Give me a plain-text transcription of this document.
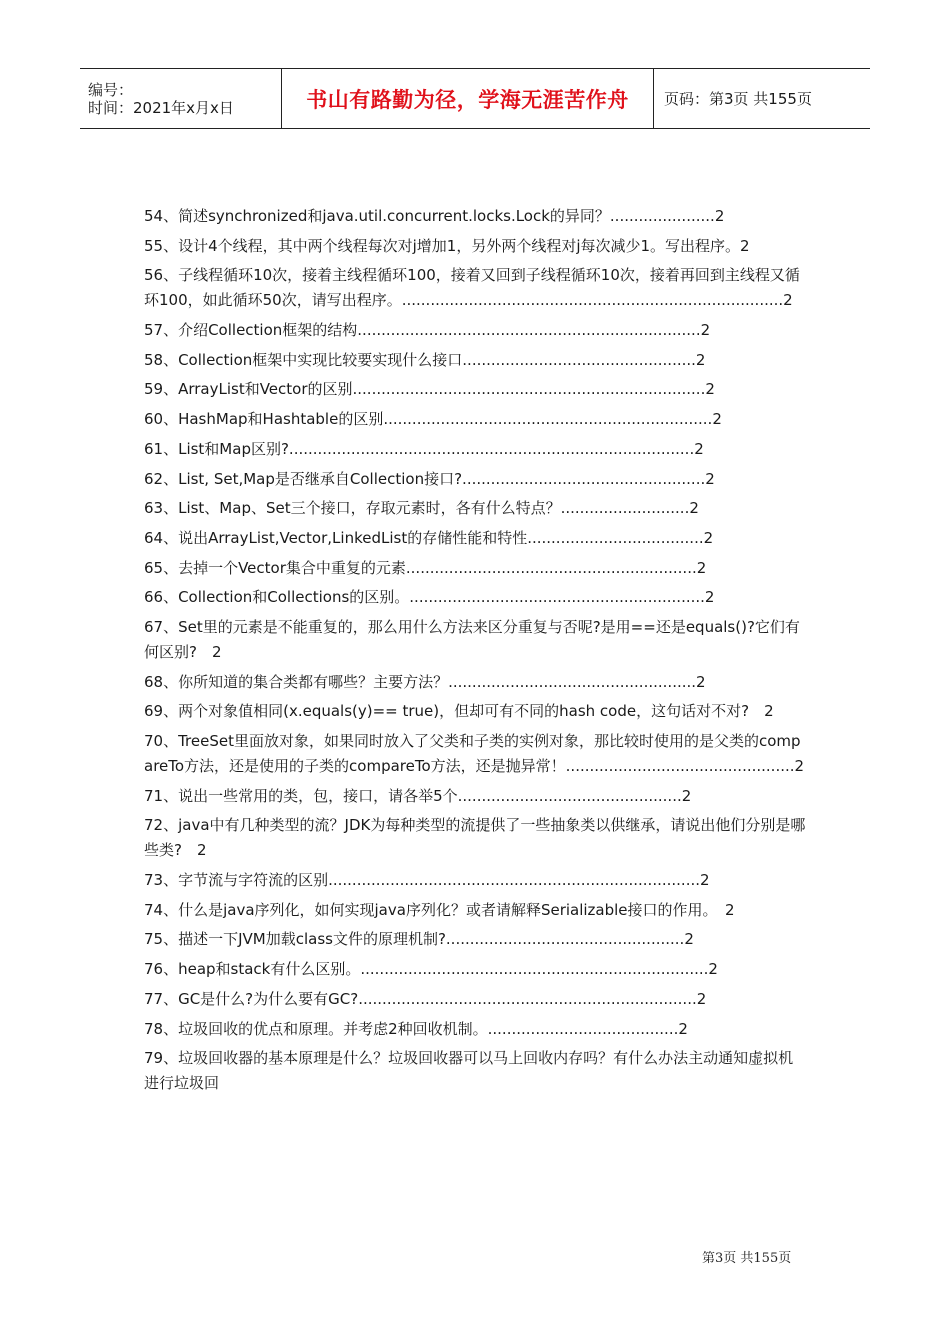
编号：
时间：2021年x月x日	书山有路勤为径，学海无涯苦作舟 页码：第3页 共155页
54、简述synchronized和java.util.concurrent.locks.Lock的异同？......................2
55、设计4个线程，其中两个线程每次对j增加1，另外两个线程对j每次减少1。写出程序。2
56、子线程循环10次，接着主线程循环100，接着又回到子线程循环10次，接着再回到主线程又循环100，如此循环50次，请写出程序。................................................................................2
57、介绍Collection框架的结构........................................................................2
58、Collection框架中实现比较要实现什么接口.................................................2
59、ArrayList和Vector的区别..........................................................................2
60、HashMap和Hashtable的区别.....................................................................2
61、List和Map区别?.....................................................................................2
62、List, Set,Map是否继承自Collection接口?...................................................2
63、List、Map、Set三个接口，存取元素时，各有什么特点？...........................2
64、说出ArrayList,Vector,LinkedList的存储性能和特性.....................................2
65、去掉一个Vector集合中重复的元素.............................................................2
66、Collection和Collections的区别。..............................................................2
67、Set里的元素是不能重复的，那么用什么方法来区分重复与否呢?是用==还是equals()?它们有何区别?　2
68、你所知道的集合类都有哪些？主要方法？....................................................2
69、两个对象值相同(x.equals(y)== true)，但却可有不同的hash code，这句话对不对?　2
70、TreeSet里面放对象，如果同时放入了父类和子类的实例对象，那比较时使用的是父类的compareTo方法，还是使用的子类的compareTo方法，还是抛异常！................................................2
71、说出一些常用的类，包，接口，请各举5个...............................................2
72、java中有几种类型的流？JDK为每种类型的流提供了一些抽象类以供继承，请说出他们分别是哪些类?　2
73、字节流与字符流的区别..............................................................................2
74、什么是java序列化，如何实现java序列化？或者请解释Serializable接口的作用。　2
75、描述一下JVM加载class文件的原理机制?..................................................2
76、heap和stack有什么区别。.........................................................................2
77、GC是什么?为什么要有GC?.......................................................................2
78、垃圾回收的优点和原理。并考虑2种回收机制。........................................2
79、垃圾回收器的基本原理是什么？垃圾回收器可以马上回收内存吗？有什么办法主动通知虚拟机进行垃圾回
第3页 共155页
